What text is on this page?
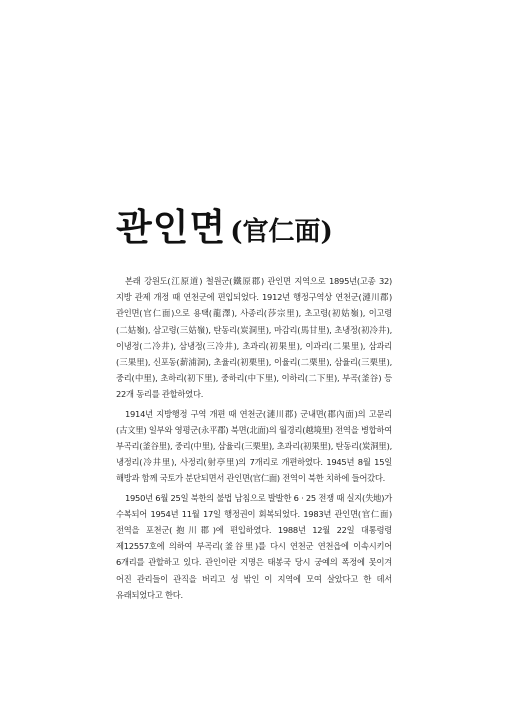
관인면 (官仁面)

본래 강원도(江原道) 철원군(鐵原郡) 관인면 지역으로 1895년(고종 32) 지방 관제 개정 때 연천군에 편입되었다. 1912년 행정구역상 연천군(漣川郡) 관인면(官仁面)으로 용택(龍澤), 사종리(莎宗里), 초고령(初姑嶺), 이고령(二姑嶺), 삼고령(三姑嶺), 탄동리(炭洞里), 마감리(馬甘里), 초냉정(初冷井), 이냉정(二冷井), 삼냉정(三冷井), 초과리(初果里), 이과리(二果里), 삼과리(三果里), 신포동(薪浦洞), 초율리(初栗里), 이율리(二栗里), 삼율리(三栗里), 중리(中里), 초하리(初下里), 중하리(中下里), 이하리(二下里), 부곡(釜谷) 등 22개 동리를 관할하였다.

1914년 지방행정 구역 개편 때 연천군(漣川郡) 군내면(郡內面)의 고문리(古文里) 일부와 영평군(永平郡) 북면(北面)의 월경리(越境里) 전역을 병합하여 부곡리(釜谷里), 중리(中里), 삼율리(三栗里), 초과리(初果里), 탄동리(炭洞里), 냉정리(冷井里), 사정리(射亭里)의 7개리로 개편하였다. 1945년 8월 15일 해방과 함께 국토가 분단되면서 관인면(官仁面) 전역이 북한 치하에 들어갔다.

1950년 6월 25일 북한의 불법 남침으로 발발한 6 · 25 전쟁 때 실지(失地)가 수복되어 1954년 11월 17일 행정권이 회복되었다. 1983년 관인면(官仁面) 전역을 포천군(抱川郡)에 편입하였다. 1988년 12월 22일 대통령령 제12557호에 의하여 부곡리(釜谷里)를 다시 연천군 연천읍에 이속시키어 6개리를 관할하고 있다. 관인이란 지명은 태봉국 당시 궁예의 폭정에 못이겨 어진 관리들이 관직을 버리고 성 밖인 이 지역에 모여 살았다고 한 데서 유래되었다고 한다.
